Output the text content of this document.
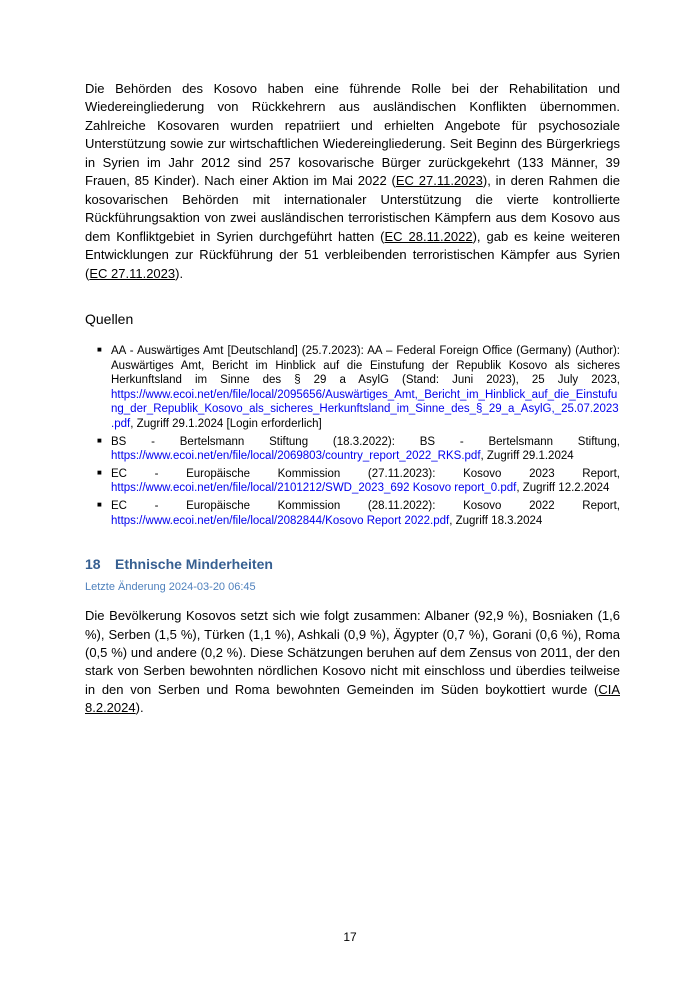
Die Behörden des Kosovo haben eine führende Rolle bei der Rehabilitation und Wiedereingliederung von Rückkehrern aus ausländischen Konflikten übernommen. Zahlreiche Kosovaren wurden repatriiert und erhielten Angebote für psychosoziale Unterstützung sowie zur wirtschaftlichen Wiedereingliederung. Seit Beginn des Bürgerkriegs in Syrien im Jahr 2012 sind 257 kosovarische Bürger zurückgekehrt (133 Männer, 39 Frauen, 85 Kinder). Nach einer Aktion im Mai 2022 (EC 27.11.2023), in deren Rahmen die kosovarischen Behörden mit internationaler Unterstützung die vierte kontrollierte Rückführungsaktion von zwei ausländischen terroristischen Kämpfern aus dem Kosovo aus dem Konfliktgebiet in Syrien durchgeführt hatten (EC 28.11.2022), gab es keine weiteren Entwicklungen zur Rückführung der 51 verbleibenden terroristischen Kämpfer aus Syrien (EC 27.11.2023).

Quellen
■ AA - Auswärtiges Amt [Deutschland] (25.7.2023): AA – Federal Foreign Office (Germany) (Author): Auswärtiges Amt, Bericht im Hinblick auf die Einstufung der Republik Kosovo als sicheres Herkunftsland im Sinne des § 29 a AsylG (Stand: Juni 2023), 25 July 2023, https://www.ecoi.net/en/file/local/2095656/Auswärtiges_Amt,_Bericht_im_Hinblick_auf_die_Einstufung_der_Republik_Kosovo_als_sicheres_Herkunftsland_im_Sinne_des_§_29_a_AsylG,_25.07.2023.pdf, Zugriff 29.1.2024 [Login erforderlich]
■ BS - Bertelsmann Stiftung (18.3.2022): BS - Bertelsmann Stiftung, https://www.ecoi.net/en/file/local/2069803/country_report_2022_RKS.pdf, Zugriff 29.1.2024
■ EC - Europäische Kommission (27.11.2023): Kosovo 2023 Report, https://www.ecoi.net/en/file/local/2101212/SWD_2023_692 Kosovo report_0.pdf, Zugriff 12.2.2024
■ EC - Europäische Kommission (28.11.2022): Kosovo 2022 Report, https://www.ecoi.net/en/file/local/2082844/Kosovo Report 2022.pdf, Zugriff 18.3.2024
18 Ethnische Minderheiten
Letzte Änderung 2024-03-20 06:45

Die Bevölkerung Kosovos setzt sich wie folgt zusammen: Albaner (92,9 %), Bosniaken (1,6 %), Serben (1,5 %), Türken (1,1 %), Ashkali (0,9 %), Ägypter (0,7 %), Gorani (0,6 %), Roma (0,5 %) und andere (0,2 %). Diese Schätzungen beruhen auf dem Zensus von 2011, der den stark von Serben bewohnten nördlichen Kosovo nicht mit einschloss und überdies teilweise in den von Serben und Roma bewohnten Gemeinden im Süden boykottiert wurde (CIA 8.2.2024).

17
